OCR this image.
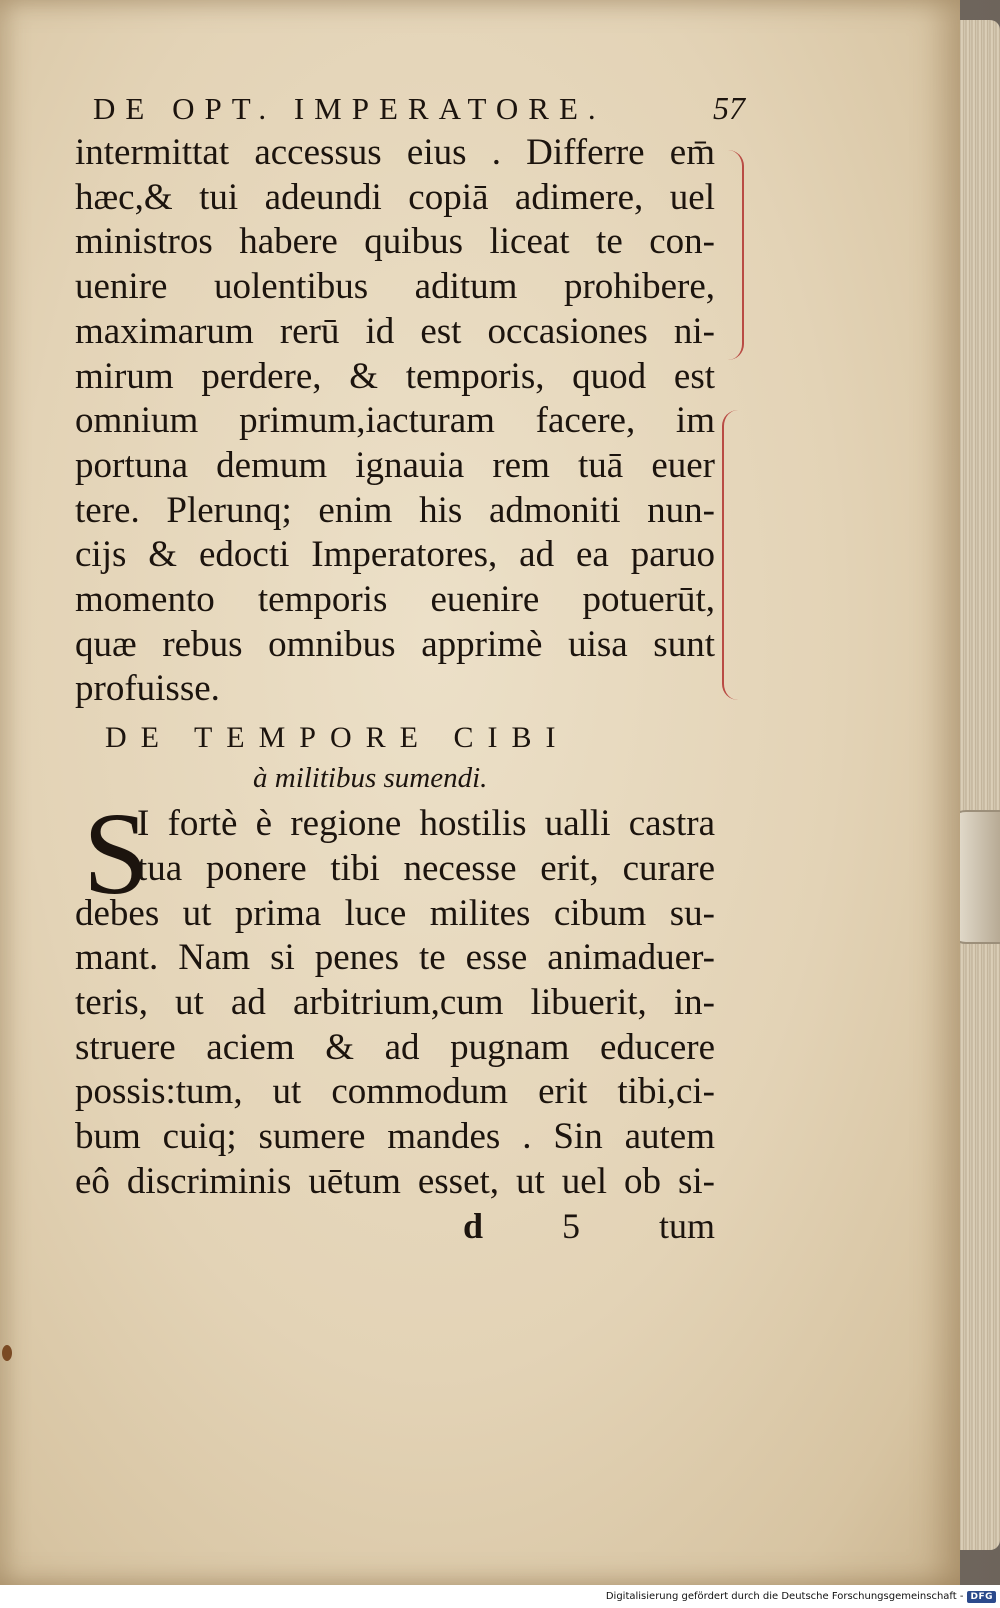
DE OPT. IMPERATORE.	57
intermittat accessus eius . Differre em̄
hæc,& tui adeundi copiā adimere, uel
ministros habere quibus liceat te con-
uenire uolentibus aditum prohibere,
maximarum rerū id est occasiones ni-
mirum perdere, & temporis, quod est
omnium primum,iacturam facere, im
portuna demum ignauia rem tuā euer
tere. Plerunq; enim his admoniti nun-
cijs & edocti Imperatores, ad ea paruo
momento temporis euenire potuerūt,
quæ rebus omnibus apprimè uisa sunt
profuisse.
DE TEMPORE CIBI
à militibus sumendi.
S
I fortè è regione hostilis ualli castra
tua ponere tibi necesse erit, curare
debes ut prima luce milites cibum su-
mant. Nam si penes te esse animaduer-
teris, ut ad arbitrium,cum libuerit, in-
struere aciem & ad pugnam educere
possis:tum, ut commodum erit tibi,ci-
bum cuiq; sumere mandes . Sin autem
eô discriminis uētum esset, ut uel ob si-
d 5 tum
Digitalisierung gefördert durch die Deutsche Forschungsgemeinschaft - DFG
